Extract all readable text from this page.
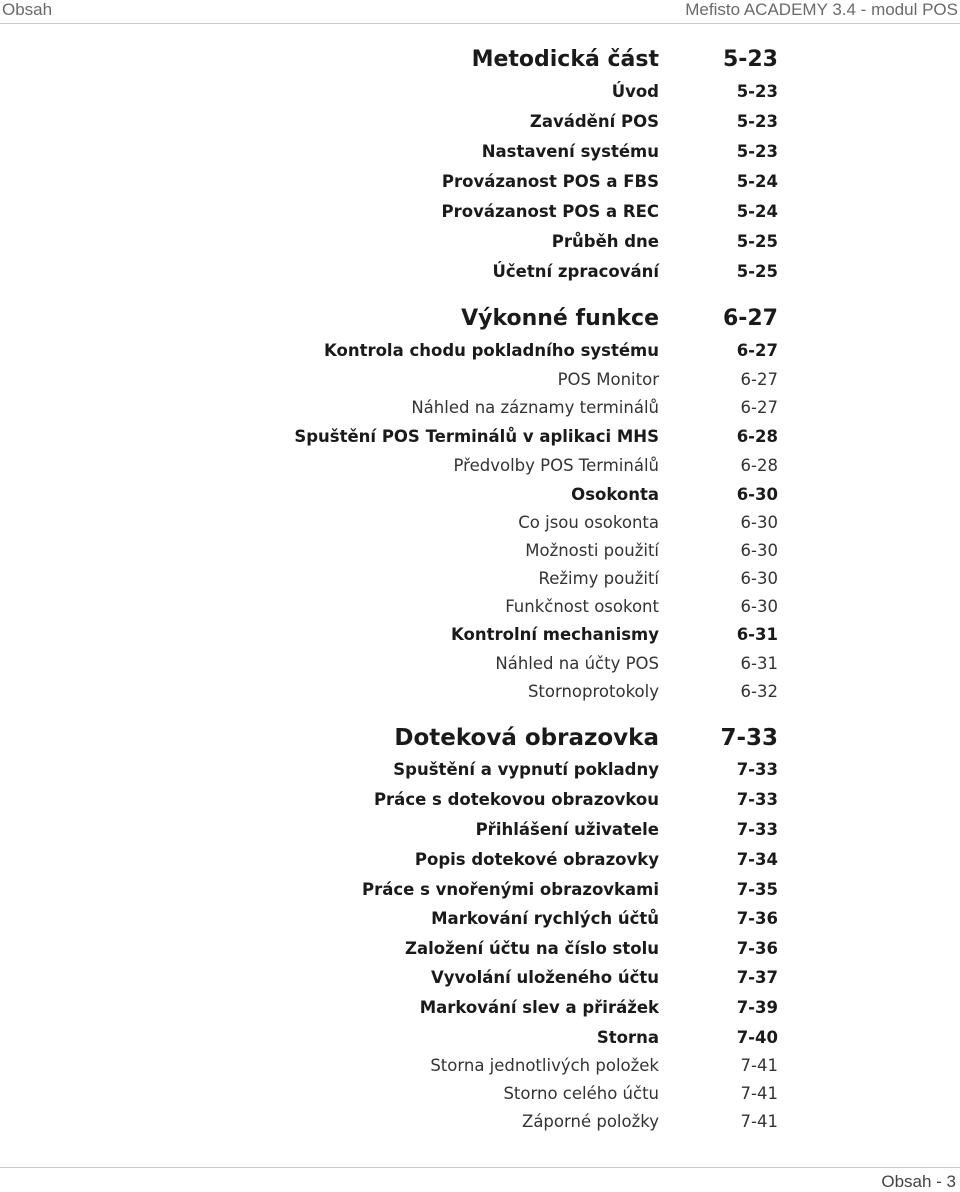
Obsah	Mefisto ACADEMY 3.4 - modul POS
Metodická část	5-23
Úvod	5-23
Zavádění POS	5-23
Nastavení systému	5-23
Provázanost POS a FBS	5-24
Provázanost POS a REC	5-24
Průběh dne	5-25
Účetní zpracování	5-25
Výkonné funkce	6-27
Kontrola chodu pokladního systému	6-27
POS Monitor	6-27
Náhled na záznamy terminálů	6-27
Spuštění POS Terminálů v aplikaci MHS	6-28
Předvolby POS Terminálů	6-28
Osokonta	6-30
Co jsou osokonta	6-30
Možnosti použití	6-30
Režimy použití	6-30
Funkčnost osokont	6-30
Kontrolní mechanismy	6-31
Náhled na účty POS	6-31
Stornoprotokoly	6-32
Doteková obrazovka	7-33
Spuštění a vypnutí pokladny	7-33
Práce s dotekovou obrazovkou	7-33
Přihlášení uživatele	7-33
Popis dotekové obrazovky	7-34
Práce s vnořenými obrazovkami	7-35
Markování rychlých účtů	7-36
Založení účtu na číslo stolu	7-36
Vyvolání uloženého účtu	7-37
Markování slev a přirážek	7-39
Storna	7-40
Storna jednotlivých položek	7-41
Storno celého účtu	7-41
Záporné položky	7-41
Obsah - 3
